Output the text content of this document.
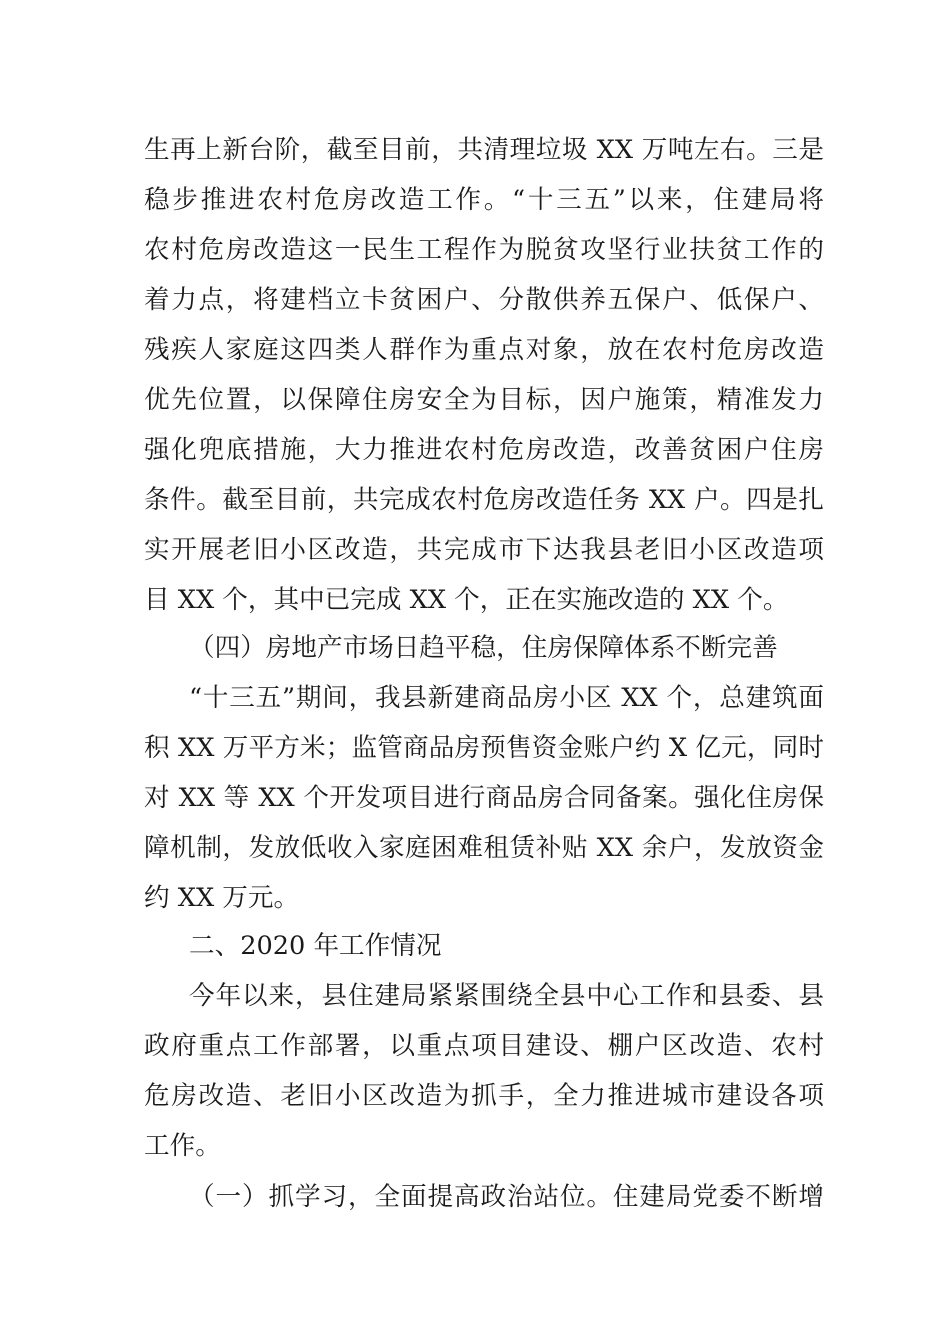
生再上新台阶，截至目前，共清理垃圾 XX 万吨左右。三是
稳步推进农村危房改造工作。“十三五”以来，住建局将
农村危房改造这一民生工程作为脱贫攻坚行业扶贫工作的
着力点，将建档立卡贫困户、分散供养五保户、低保户、
残疾人家庭这四类人群作为重点对象，放在农村危房改造
优先位置，以保障住房安全为目标，因户施策，精准发力
强化兜底措施，大力推进农村危房改造，改善贫困户住房
条件。截至目前，共完成农村危房改造任务 XX 户。四是扎
实开展老旧小区改造，共完成市下达我县老旧小区改造项
目 XX 个，其中已完成 XX 个，正在实施改造的 XX 个。
（四）房地产市场日趋平稳，住房保障体系不断完善
“十三五”期间，我县新建商品房小区 XX 个，总建筑面
积 XX 万平方米；监管商品房预售资金账户约 X 亿元，同时
对 XX 等 XX 个开发项目进行商品房合同备案。强化住房保
障机制，发放低收入家庭困难租赁补贴 XX 余户，发放资金
约 XX 万元。
二、2020 年工作情况
今年以来，县住建局紧紧围绕全县中心工作和县委、县
政府重点工作部署，以重点项目建设、棚户区改造、农村
危房改造、老旧小区改造为抓手，全力推进城市建设各项
工作。
（一）抓学习，全面提高政治站位。住建局党委不断增
